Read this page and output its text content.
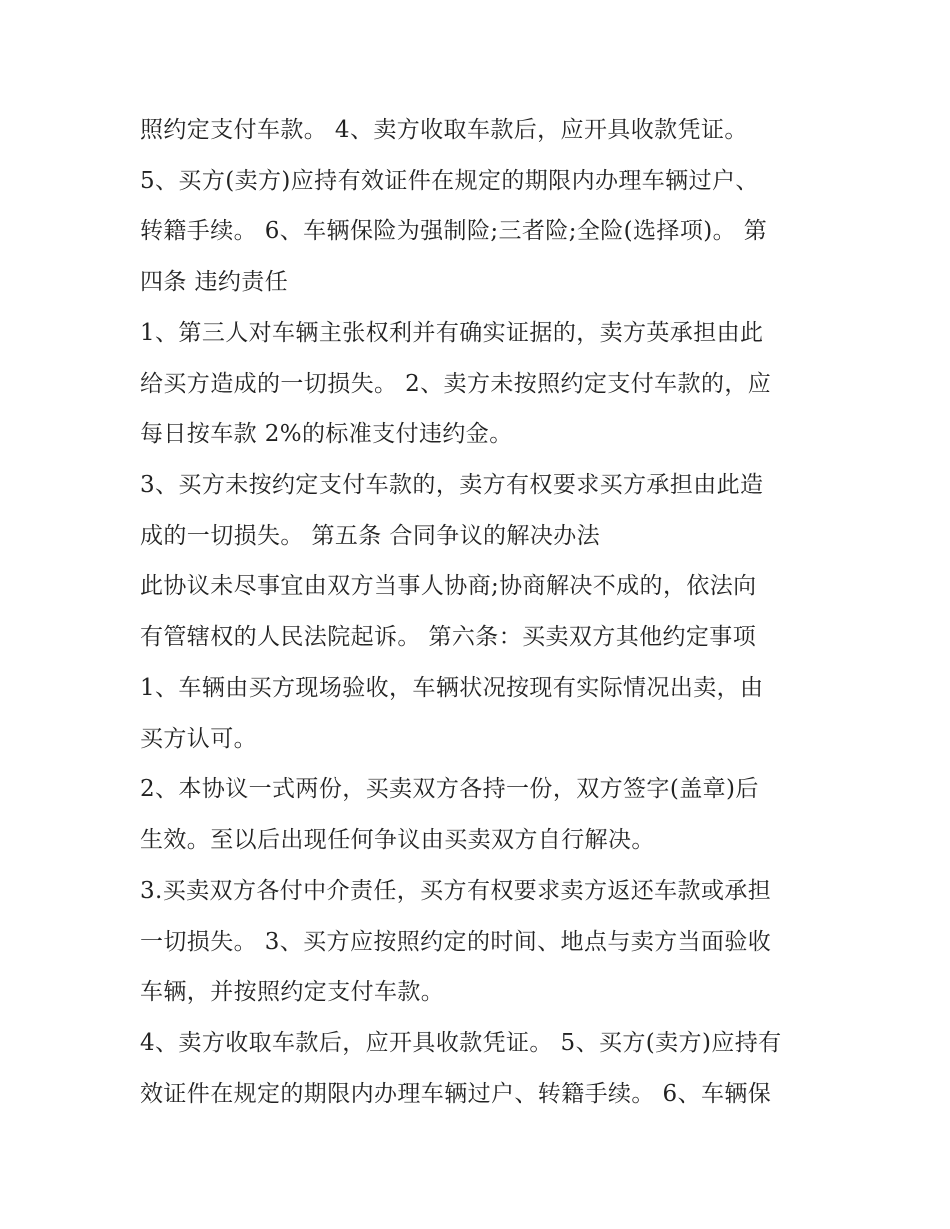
照约定支付车款。 4、卖方收取车款后，应开具收款凭证。
5、买方(卖方)应持有效证件在规定的期限内办理车辆过户、
转籍手续。 6、车辆保险为强制险;三者险;全险(选择项)。 第
四条 违约责任
1、第三人对车辆主张权利并有确实证据的，卖方英承担由此
给买方造成的一切损失。 2、卖方未按照约定支付车款的，应
每日按车款 2%的标准支付违约金。
3、买方未按约定支付车款的，卖方有权要求买方承担由此造
成的一切损失。 第五条 合同争议的解决办法
此协议未尽事宜由双方当事人协商;协商解决不成的，依法向
有管辖权的人民法院起诉。 第六条：买卖双方其他约定事项
1、车辆由买方现场验收，车辆状况按现有实际情况出卖，由
买方认可。
2、本协议一式两份，买卖双方各持一份，双方签字(盖章)后
生效。至以后出现任何争议由买卖双方自行解决。
3.买卖双方各付中介责任，买方有权要求卖方返还车款或承担
一切损失。 3、买方应按照约定的时间、地点与卖方当面验收
车辆，并按照约定支付车款。
4、卖方收取车款后，应开具收款凭证。 5、买方(卖方)应持有
效证件在规定的期限内办理车辆过户、转籍手续。 6、车辆保
